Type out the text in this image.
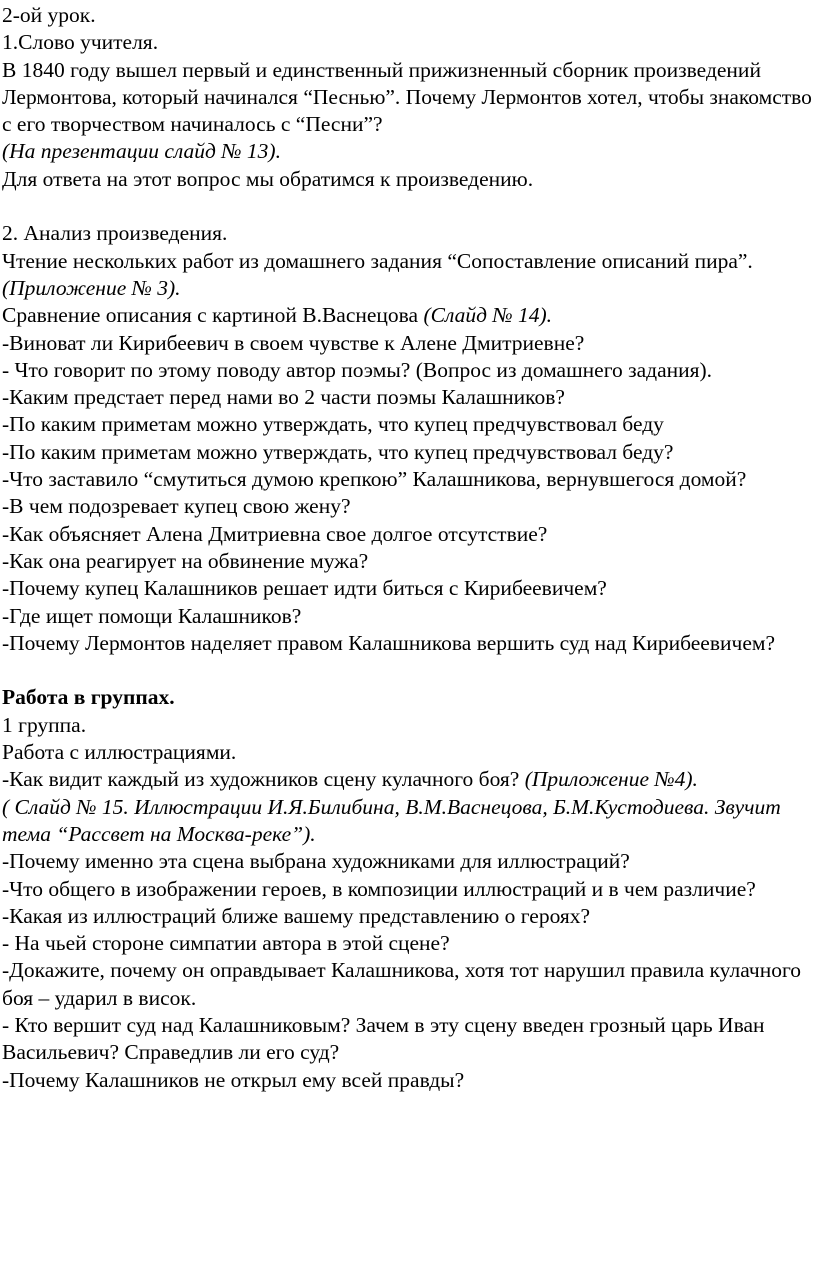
2-ой урок.

1.Слово учителя.

В 1840 году вышел первый и единственный прижизненный сборник произведений Лермонтова, который начинался “Песнью”. Почему Лермонтов хотел, чтобы знакомство с его творчеством начиналось с “Песни”?

(На презентации слайд № 13).

Для ответа на этот вопрос мы обратимся к произведению.

2. Анализ произведения.

Чтение нескольких работ из домашнего задания “Сопоставление описаний пира”.

(Приложение № 3).

Сравнение описания с картиной В.Васнецова (Слайд № 14).

-Виноват ли Кирибеевич в своем чувстве к Алене Дмитриевне?

- Что говорит по этому поводу автор поэмы? (Вопрос из домашнего задания).

-Каким предстает перед нами во 2 части поэмы Калашников?

-По каким приметам можно утверждать, что купец предчувствовал беду

-По каким приметам можно утверждать, что купец предчувствовал беду?

-Что заставило “смутиться думою крепкою” Калашникова, вернувшегося домой?

-В чем подозревает купец свою жену?

-Как объясняет Алена Дмитриевна свое долгое отсутствие?

-Как она реагирует на обвинение мужа?

-Почему купец Калашников решает идти биться с Кирибеевичем?

-Где ищет помощи Калашников?

-Почему Лермонтов наделяет правом Калашникова вершить суд над Кирибеевичем?

Работа в группах.

1 группа.

Работа с иллюстрациями.

-Как видит каждый из художников сцену кулачного боя? (Приложение №4).

( Слайд № 15. Иллюстрации И.Я.Билибина, В.М.Васнецова, Б.М.Кустодиева. Звучит тема “Рассвет на Москва-реке”).

-Почему именно эта сцена выбрана художниками для иллюстраций?

-Что общего в изображении героев, в композиции иллюстраций и в чем различие?

-Какая из иллюстраций ближе вашему представлению о героях?

- На чьей стороне симпатии автора в этой сцене?

-Докажите, почему он оправдывает Калашникова, хотя тот нарушил правила кулачного боя – ударил в висок.

- Кто вершит суд над Калашниковым? Зачем в эту сцену введен грозный царь Иван Васильевич? Справедлив ли его суд?

-Почему Калашников не открыл ему всей правды?
